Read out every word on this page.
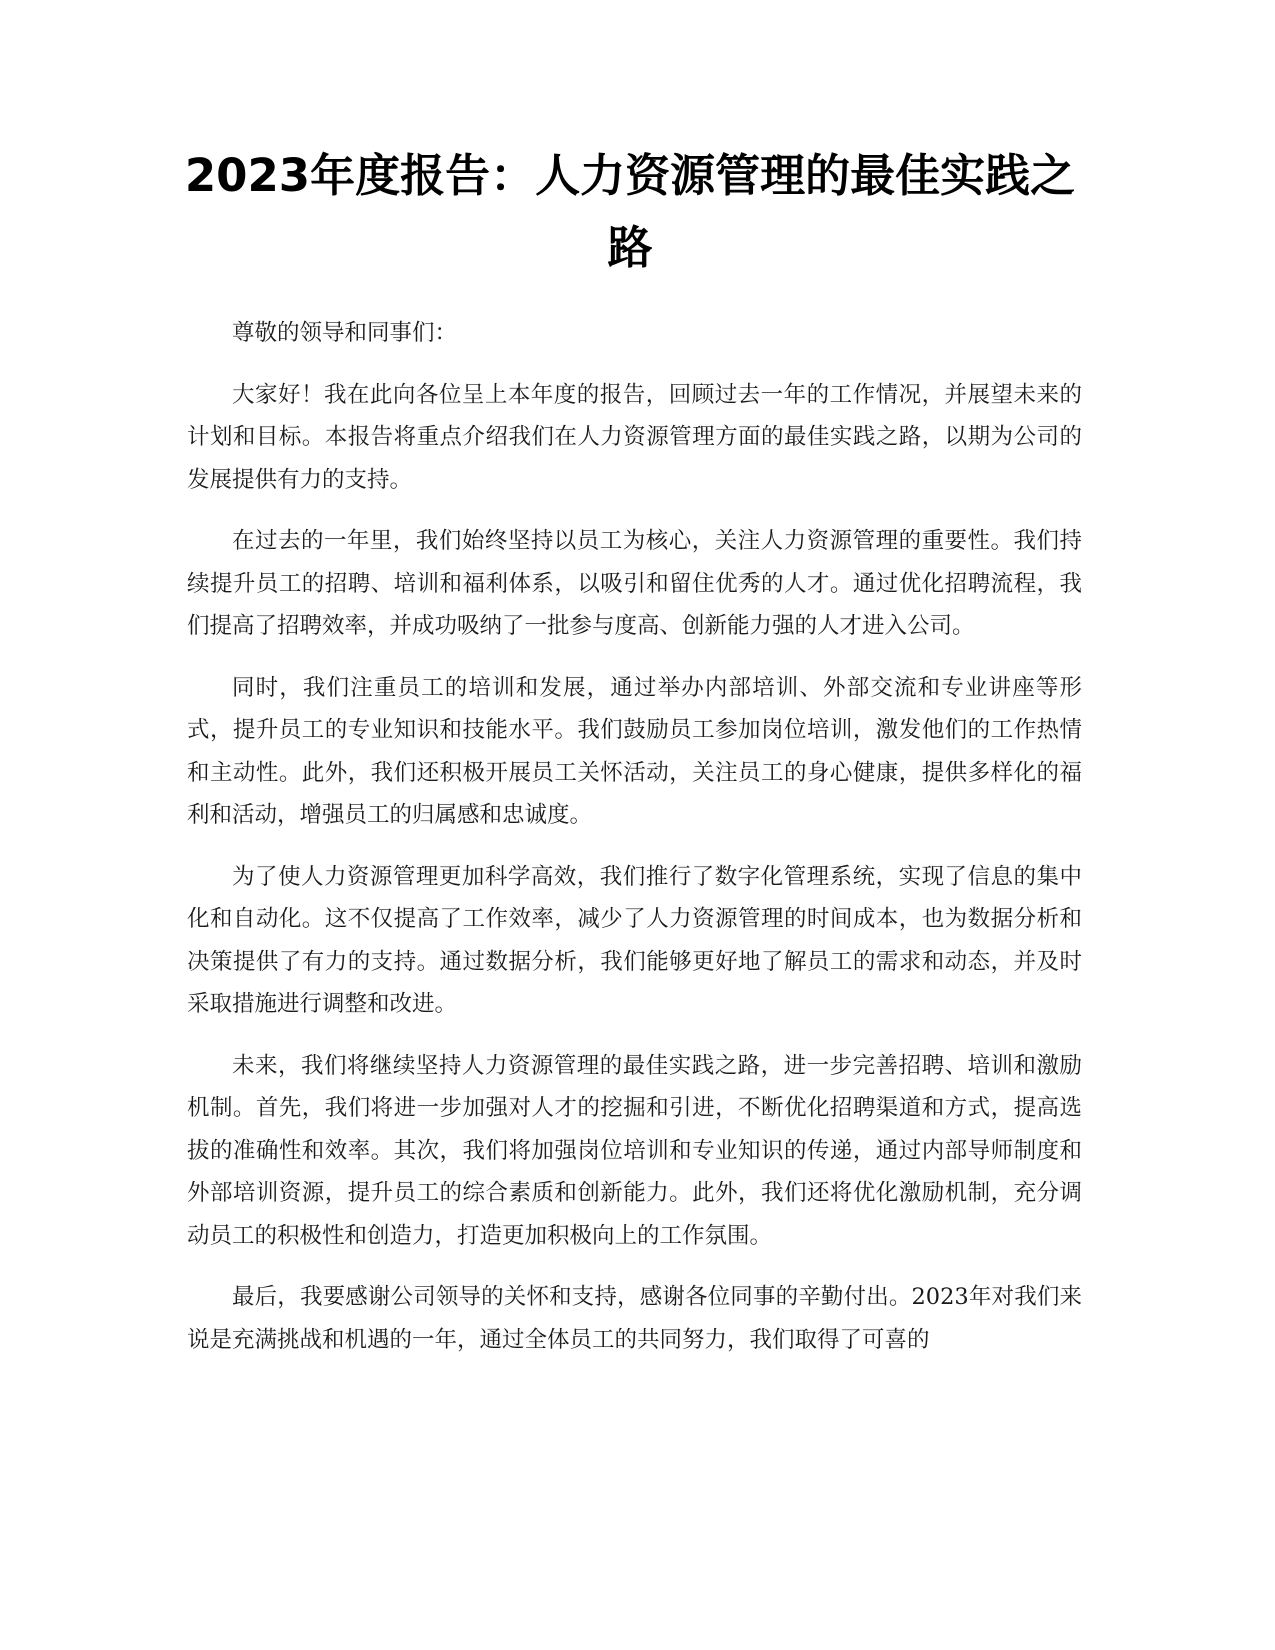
2023年度报告：人力资源管理的最佳实践之路

尊敬的领导和同事们：

大家好！我在此向各位呈上本年度的报告，回顾过去一年的工作情况，并展望未来的计划和目标。本报告将重点介绍我们在人力资源管理方面的最佳实践之路，以期为公司的发展提供有力的支持。

在过去的一年里，我们始终坚持以员工为核心，关注人力资源管理的重要性。我们持续提升员工的招聘、培训和福利体系，以吸引和留住优秀的人才。通过优化招聘流程，我们提高了招聘效率，并成功吸纳了一批参与度高、创新能力强的人才进入公司。

同时，我们注重员工的培训和发展，通过举办内部培训、外部交流和专业讲座等形式，提升员工的专业知识和技能水平。我们鼓励员工参加岗位培训，激发他们的工作热情和主动性。此外，我们还积极开展员工关怀活动，关注员工的身心健康，提供多样化的福利和活动，增强员工的归属感和忠诚度。

为了使人力资源管理更加科学高效，我们推行了数字化管理系统，实现了信息的集中化和自动化。这不仅提高了工作效率，减少了人力资源管理的时间成本，也为数据分析和决策提供了有力的支持。通过数据分析，我们能够更好地了解员工的需求和动态，并及时采取措施进行调整和改进。

未来，我们将继续坚持人力资源管理的最佳实践之路，进一步完善招聘、培训和激励机制。首先，我们将进一步加强对人才的挖掘和引进，不断优化招聘渠道和方式，提高选拔的准确性和效率。其次，我们将加强岗位培训和专业知识的传递，通过内部导师制度和外部培训资源，提升员工的综合素质和创新能力。此外，我们还将优化激励机制，充分调动员工的积极性和创造力，打造更加积极向上的工作氛围。

最后，我要感谢公司领导的关怀和支持，感谢各位同事的辛勤付出。2023年对我们来说是充满挑战和机遇的一年，通过全体员工的共同努力，我们取得了可喜的
